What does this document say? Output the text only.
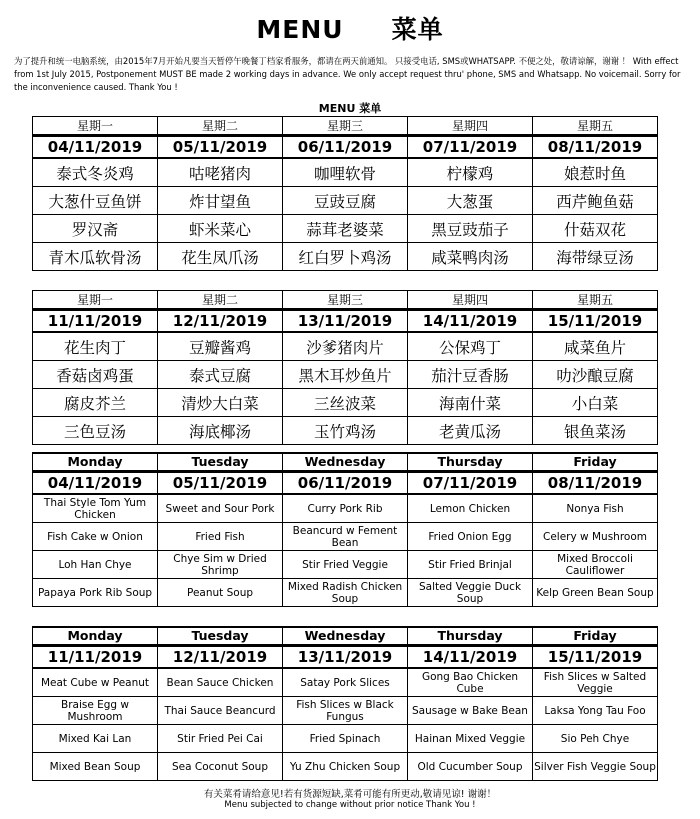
MENU 菜单
为了提升和统一电脑系统，由2015年7月开始凡要当天暂停午晚餐丁档家肴服务，都请在两天前通知。 只接受电话, SMS或WHATSAPP. 不便之处，敬请谅解，谢谢 ！ With effect from 1st July 2015, Postponement MUST BE made 2 working days in advance. We only accept request thru' phone, SMS and Whatsapp. No voicemail. Sorry for the inconvenience caused. Thank You !
MENU 菜单
星期一	星期二	星期三	星期四	星期五
04/11/2019	05/11/2019	06/11/2019	07/11/2019	08/11/2019
泰式冬炎鸡	咕咾猪肉	咖哩软骨	柠檬鸡	娘惹时鱼
大葱什豆鱼饼	炸甘望鱼	豆豉豆腐	大葱蛋	西芹鲍鱼菇
罗汉斋	虾米菜心	蒜茸老婆菜	黑豆豉茄子	什菇双花
青木瓜软骨汤	花生凤爪汤	红白罗卜鸡汤	咸菜鸭肉汤	海带绿豆汤
星期一	星期二	星期三	星期四	星期五
11/11/2019	12/11/2019	13/11/2019	14/11/2019	15/11/2019
花生肉丁	豆瓣酱鸡	沙爹猪肉片	公保鸡丁	咸菜鱼片
香菇卤鸡蛋	泰式豆腐	黑木耳炒鱼片	茄汁豆香肠	叻沙酿豆腐
腐皮芥兰	清炒大白菜	三丝波菜	海南什菜	小白菜
三色豆汤	海底椰汤	玉竹鸡汤	老黄瓜汤	银鱼菜汤
Monday	Tuesday	Wednesday	Thursday	Friday
04/11/2019	05/11/2019	06/11/2019	07/11/2019	08/11/2019
Thai Style Tom Yum Chicken	Sweet and Sour Pork	Curry Pork Rib	Lemon Chicken	Nonya Fish
Fish Cake w Onion	Fried Fish	Beancurd w Fement Bean	Fried Onion Egg	Celery w Mushroom
Loh Han Chye	Chye Sim w Dried Shrimp	Stir Fried Veggie	Stir Fried Brinjal	Mixed Broccoli Cauliflower
Papaya Pork Rib Soup	Peanut Soup	Mixed Radish Chicken Soup	Salted Veggie Duck Soup	Kelp Green Bean Soup
Monday	Tuesday	Wednesday	Thursday	Friday
11/11/2019	12/11/2019	13/11/2019	14/11/2019	15/11/2019
Meat Cube w Peanut	Bean Sauce Chicken	Satay Pork Slices	Gong Bao Chicken Cube	Fish Slices w Salted Veggie
Braise Egg w Mushroom	Thai Sauce Beancurd	Fish Slices w Black Fungus	Sausage w Bake Bean	Laksa Yong Tau Foo
Mixed Kai Lan	Stir Fried Pei Cai	Fried Spinach	Hainan Mixed Veggie	Sio Peh Chye
Mixed Bean Soup	Sea Coconut Soup	Yu Zhu Chicken Soup	Old Cucumber Soup	Silver Fish Veggie Soup
有关菜肴请给意见!若有货源短缺,菜肴可能有所更动,敬请见谅! 谢谢！
Menu subjected to change without prior notice Thank You !
